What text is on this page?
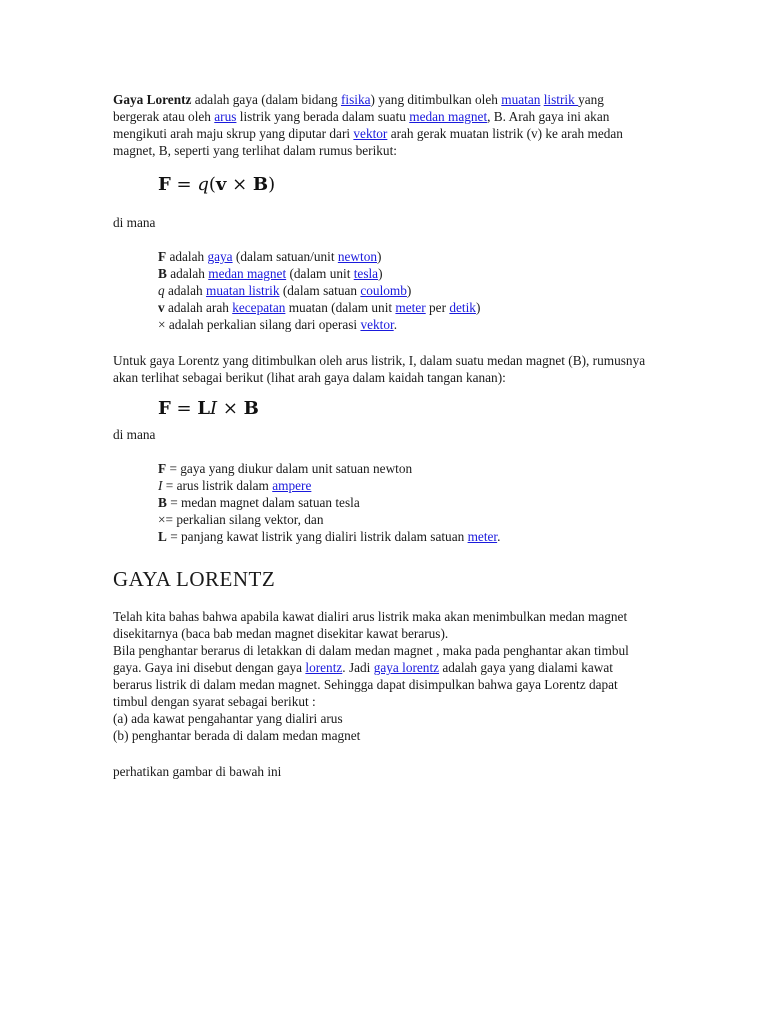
Gaya Lorentz adalah gaya (dalam bidang fisika) yang ditimbulkan oleh muatan listrik yang bergerak atau oleh arus listrik yang berada dalam suatu medan magnet, B. Arah gaya ini akan mengikuti arah maju skrup yang diputar dari vektor arah gerak muatan listrik (v) ke arah medan magnet, B, seperti yang terlihat dalam rumus berikut:

F = q(v × B)

di mana

F adalah gaya (dalam satuan/unit newton)
B adalah medan magnet (dalam unit tesla)
q adalah muatan listrik (dalam satuan coulomb)
v adalah arah kecepatan muatan (dalam unit meter per detik)
× adalah perkalian silang dari operasi vektor.

Untuk gaya Lorentz yang ditimbulkan oleh arus listrik, I, dalam suatu medan magnet (B), rumusnya akan terlihat sebagai berikut (lihat arah gaya dalam kaidah tangan kanan):

F = LI × B

di mana

F = gaya yang diukur dalam unit satuan newton
I = arus listrik dalam ampere
B = medan magnet dalam satuan tesla
×= perkalian silang vektor, dan
L = panjang kawat listrik yang dialiri listrik dalam satuan meter.
GAYA LORENTZ

Telah kita bahas bahwa apabila kawat dialiri arus listrik maka akan menimbulkan medan magnet disekitarnya (baca bab medan magnet disekitar kawat berarus).

Bila penghantar berarus di letakkan di dalam medan magnet , maka pada penghantar akan timbul gaya. Gaya ini disebut dengan gaya lorentz. Jadi gaya lorentz adalah gaya yang dialami kawat berarus listrik di dalam medan magnet. Sehingga dapat disimpulkan bahwa gaya Lorentz dapat timbul dengan syarat sebagai berikut :

(a) ada kawat pengahantar yang dialiri arus

(b) penghantar berada di dalam medan magnet

perhatikan gambar di bawah ini
